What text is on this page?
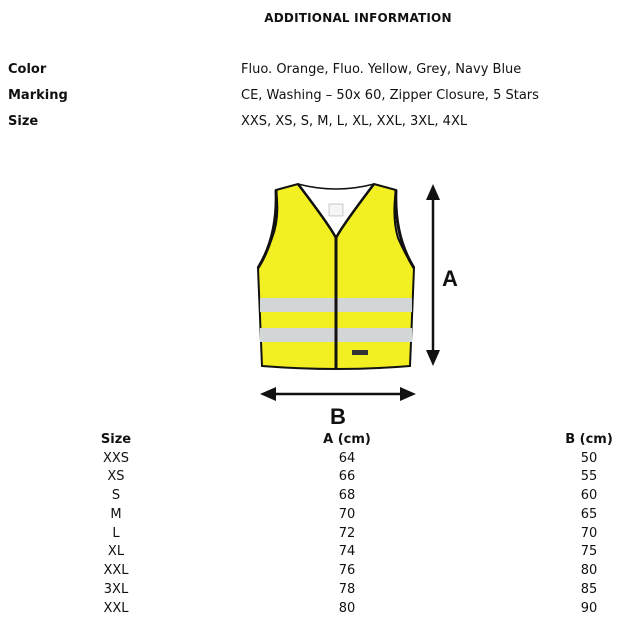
ADDITIONAL INFORMATION
Color	Fluo. Orange, Fluo. Yellow, Grey, Navy Blue
Marking	CE, Washing – 50x 60, Zipper Closure, 5 Stars
Size	XXS, XS, S, M, L, XL, XXL, 3XL, 4XL
A
B
Size	A (cm)	B (cm)
XXS	64	50
XS	66	55
S	68	60
M	70	65
L	72	70
XL	74	75
XXL	76	80
3XL	78	85
XXL	80	90
